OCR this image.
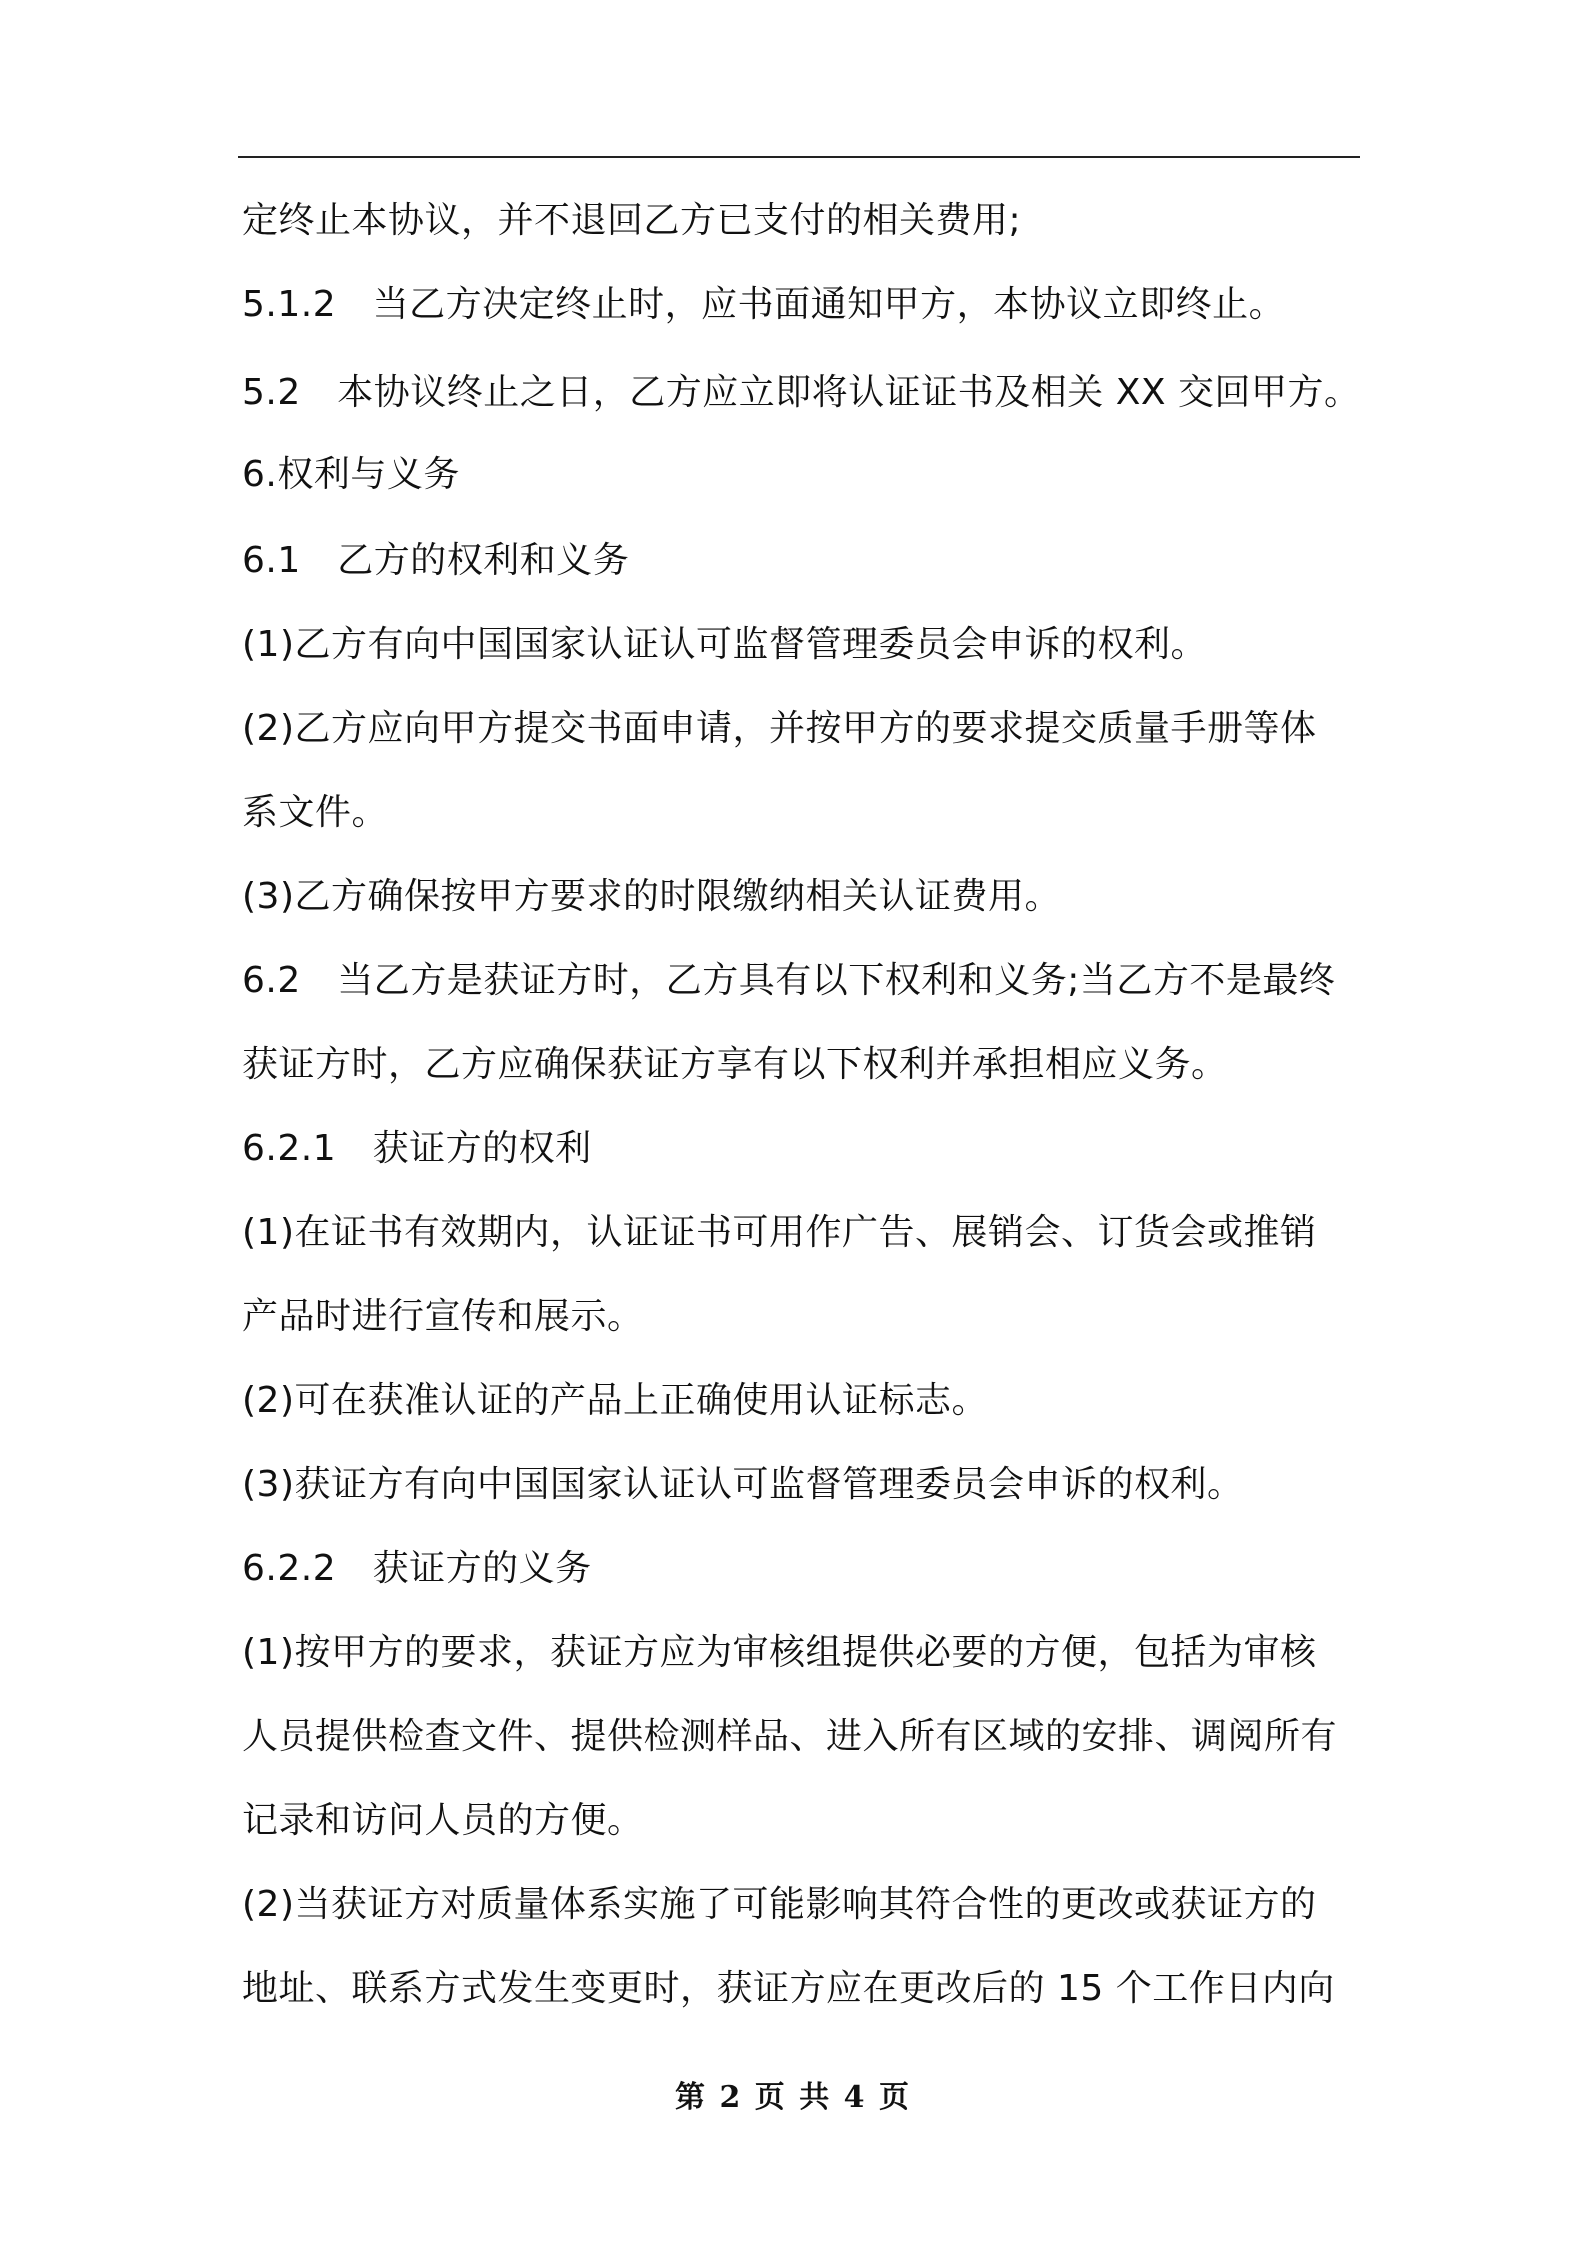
定终止本协议，并不退回乙方已支付的相关费用;
5.1.2　当乙方决定终止时，应书面通知甲方，本协议立即终止。
5.2　本协议终止之日，乙方应立即将认证证书及相关 XX 交回甲方。
6.权利与义务
6.1　乙方的权利和义务
(1)乙方有向中国国家认证认可监督管理委员会申诉的权利。
(2)乙方应向甲方提交书面申请，并按甲方的要求提交质量手册等体
系文件。
(3)乙方确保按甲方要求的时限缴纳相关认证费用。
6.2　当乙方是获证方时，乙方具有以下权利和义务;当乙方不是最终
获证方时，乙方应确保获证方享有以下权利并承担相应义务。
6.2.1　获证方的权利
(1)在证书有效期内，认证证书可用作广告、展销会、订货会或推销
产品时进行宣传和展示。
(2)可在获准认证的产品上正确使用认证标志。
(3)获证方有向中国国家认证认可监督管理委员会申诉的权利。
6.2.2　获证方的义务
(1)按甲方的要求，获证方应为审核组提供必要的方便，包括为审核
人员提供检查文件、提供检测样品、进入所有区域的安排、调阅所有
记录和访问人员的方便。
(2)当获证方对质量体系实施了可能影响其符合性的更改或获证方的
地址、联系方式发生变更时，获证方应在更改后的 15 个工作日内向
第 2 页 共 4 页
